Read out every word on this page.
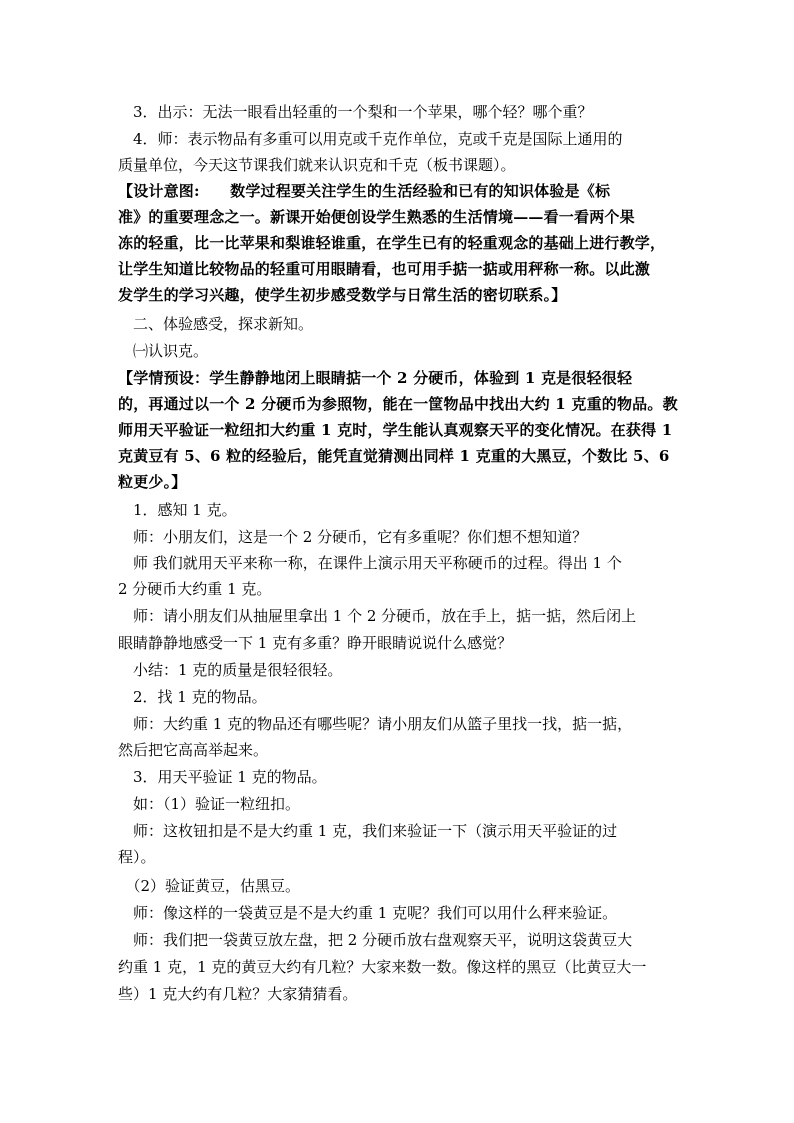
　3．出示：无法一眼看出轻重的一个梨和一个苹果，哪个轻？哪个重？
　4．师：表示物品有多重可以用克或千克作单位，克或千克是国际上通用的
质量单位，今天这节课我们就来认识克和千克（板书课题）。
【设计意图:　　数学过程要关注学生的生活经验和已有的知识体验是《标
准》的重要理念之一。新课开始便创设学生熟悉的生活情境——看一看两个果
冻的轻重，比一比苹果和梨谁轻谁重，在学生已有的轻重观念的基础上进行教学，
让学生知道比较物品的轻重可用眼睛看，也可用手掂一掂或用秤称一称。以此激
发学生的学习兴趣，使学生初步感受数学与日常生活的密切联系。】
　二、体验感受，探求新知。
　㈠认识克。
【学情预设：学生静静地闭上眼睛掂一个 2 分硬币，体验到 1 克是很轻很轻
的，再通过以一个 2 分硬币为参照物，能在一筐物品中找出大约 1 克重的物品。教
师用天平验证一粒纽扣大约重 1 克时，学生能认真观察天平的变化情况。在获得 1
克黄豆有 5、6 粒的经验后，能凭直觉猜测出同样 1 克重的大黑豆，个数比 5、6
粒更少。】
　1．感知 1 克。
　师：小朋友们，这是一个 2 分硬币，它有多重呢？你们想不想知道？
　师 我们就用天平来称一称，在课件上演示用天平称硬币的过程。得出 1 个
2 分硬币大约重 1 克。
　师：请小朋友们从抽屉里拿出 1 个 2 分硬币，放在手上，掂一掂，然后闭上
眼睛静静地感受一下 1 克有多重？睁开眼睛说说什么感觉？
　小结：1 克的质量是很轻很轻。
　2．找 1 克的物品。
　师：大约重 1 克的物品还有哪些呢？请小朋友们从篮子里找一找，掂一掂，
然后把它高高举起来。
　3．用天平验证 1 克的物品。
　如：（1）验证一粒纽扣。
　师：这枚钮扣是不是大约重 1 克，我们来验证一下（演示用天平验证的过
程）。
　（2）验证黄豆，估黑豆。
　师：像这样的一袋黄豆是不是大约重 1 克呢？我们可以用什么秤来验证。
　师：我们把一袋黄豆放左盘，把 2 分硬币放右盘观察天平，说明这袋黄豆大
约重 1 克，1 克的黄豆大约有几粒？大家来数一数。像这样的黑豆（比黄豆大一
些）1 克大约有几粒？大家猜猜看。
